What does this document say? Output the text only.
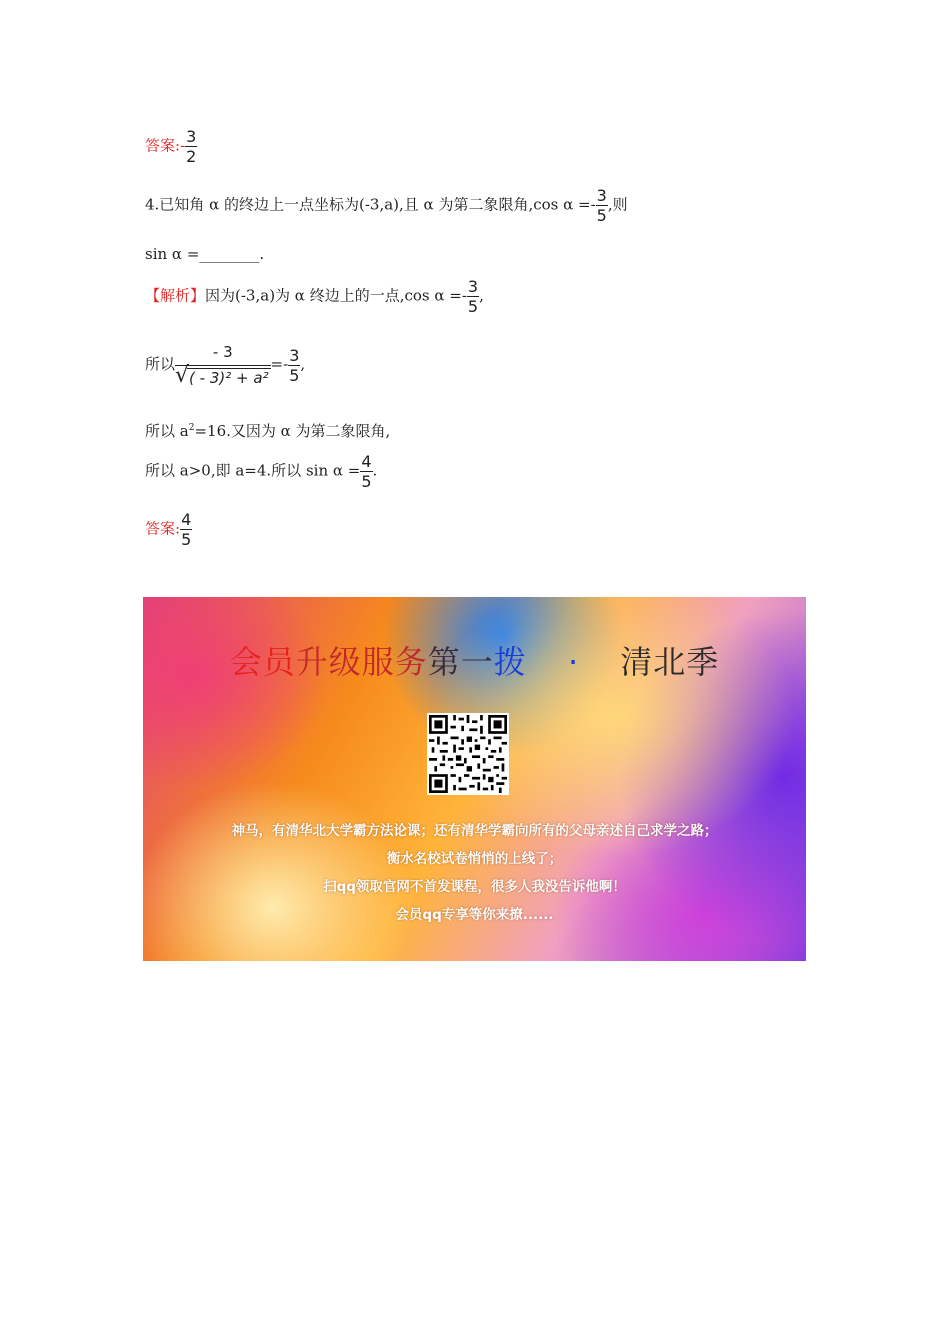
答案:- $\frac{3}{2}$
4.已知角 α 的终边上一点坐标为(-3,a),且 α 为第二象限角,cos $\alpha =- \frac{3}{5}$ ,则
sin α =________.
【解析】因为(-3,a)为 α 终边上的一点,cos $\alpha =- \frac{3}{5}$ ,
所以 $\frac{- 3}{\text{√ ( - 3)² + a²}} =- \frac{3}{5}$ ,
所以 $a^2=16$.又因为 α 为第二象限角,
所以 a>0,即 a=4.所以 $\sin \alpha = \frac{4}{5}$ .
答案: $\frac{4}{5}$
会员升级服务第一拨 · 清北季
神马，有清华北大学霸方法论课；还有清华学霸向所有的父母亲述自己求学之路；
衡水名校试卷悄悄的上线了；
扫qq领取官网不首发课程，很多人我没告诉他啊！
会员qq专享等你来撩......
